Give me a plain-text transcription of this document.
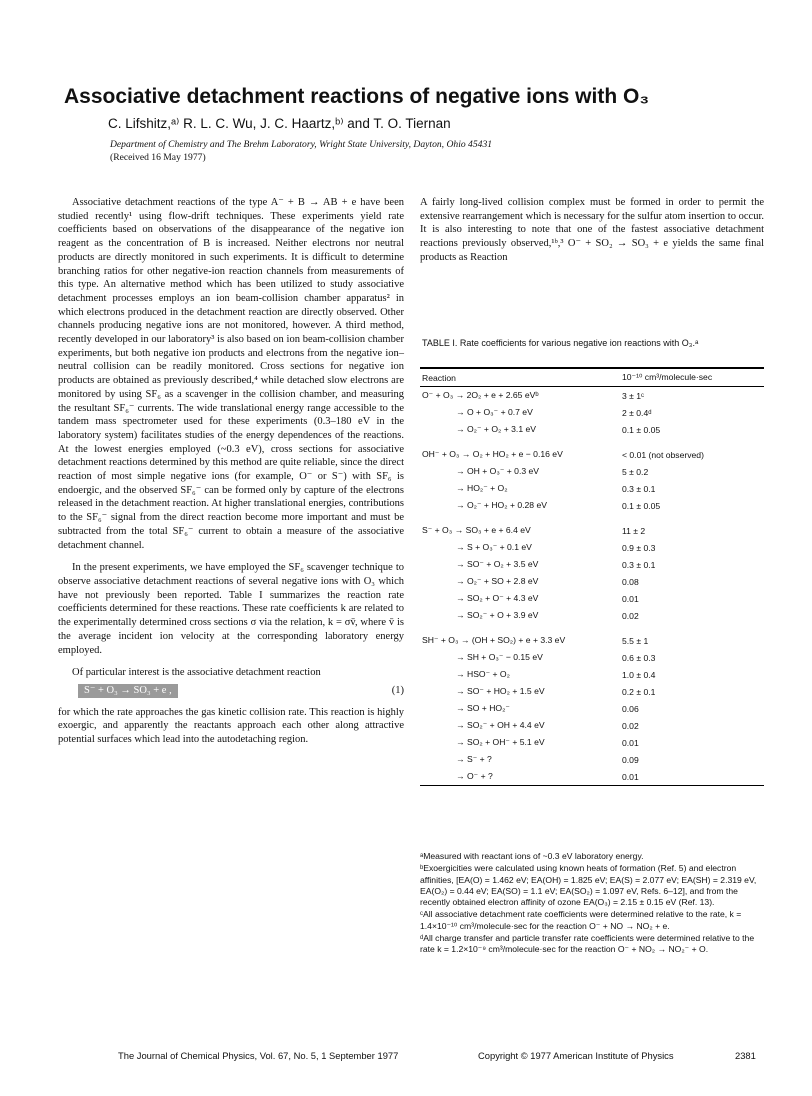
Associative detachment reactions of negative ions with O₃
C. Lifshitz,ᵃ⁾ R. L. C. Wu, J. C. Haartz,ᵇ⁾ and T. O. Tiernan
Department of Chemistry and The Brehm Laboratory, Wright State University, Dayton, Ohio 45431
(Received 16 May 1977)

Associative detachment reactions of the type A⁻ + B → AB + e have been studied recently¹ using flow-drift techniques. These experiments yield rate coefficients based on observations of the disappearance of the negative ion reagent as the concentration of B is increased. Neither electrons nor neutral products are directly monitored in such experiments. It is difficult to determine branching ratios for other negative-ion reaction channels from measurements of this type. An alternative method which has been utilized to study associative detachment processes employs an ion beam-collision chamber apparatus² in which electrons produced in the detachment reaction are directly observed. Other channels producing negative ions are not monitored, however. A third method, recently developed in our laboratory³ is also based on ion beam-collision chamber experiments, but both negative ion products and electrons from the negative ion–neutral collision can be readily monitored. Cross sections for negative ion products are obtained as previously described,⁴ while detached slow electrons are monitored by using SF₆ as a scavenger in the collision chamber, and measuring the resultant SF₆⁻ currents. The wide translational energy range accessible to the tandem mass spectrometer used for these experiments (0.3–180 eV in the laboratory system) facilitates studies of the energy dependences of the reactions. At the lowest energies employed (~0.3 eV), cross sections for associative detachment reactions determined by this method are quite reliable, since the direct reaction of most simple negative ions (for example, O⁻ or S⁻) with SF₆ is endoergic, and the observed SF₆⁻ can be formed only by capture of the electrons released in the detachment reaction. At higher translational energies, contributions to the SF₆⁻ signal from the direct reaction become more important and must be subtracted from the total SF₆⁻ current to obtain a measure of the associative detachment channel.

In the present experiments, we have employed the SF₆ scavenger technique to observe associative detachment reactions of several negative ions with O₃ which have not previously been reported. Table I summarizes the reaction rate coefficients determined for these reactions. These rate coefficients k are related to the experimentally determined cross sections σ via the relation, k = σv̄, where v̄ is the average incident ion velocity at the corresponding laboratory energy employed.

Of particular interest is the associative detachment reaction

S⁻ + O₃ → SO₃ + e ,	(1)

for which the rate approaches the gas kinetic collision rate. This reaction is highly exoergic, and apparently the reactants approach each other along attractive potential surfaces which lead into the autodetaching region.

A fairly long-lived collision complex must be formed in order to permit the extensive rearrangement which is necessary for the sulfur atom insertion to occur. It is also interesting to note that one of the fastest associative detachment reactions previously observed,¹ᵇ,³ O⁻ + SO₂ → SO₃ + e yields the same final products as Reaction

TABLE I. Rate coefficients for various negative ion reactions with O₃.ᵃ
Reaction	10⁻¹⁰ cm³/molecule·sec
O⁻ + O₃ → 2O₂ + e + 2.65 eVᵇ	3 ± 1ᶜ
→ O + O₃⁻ + 0.7 eV	2 ± 0.4ᵈ
→ O₂⁻ + O₂ + 3.1 eV	0.1 ± 0.05

OH⁻ + O₃ → O₂ + HO₂ + e − 0.16 eV	< 0.01 (not observed)
→ OH + O₃⁻ + 0.3 eV	5 ± 0.2
→ HO₂⁻ + O₂	0.3 ± 0.1
→ O₂⁻ + HO₂ + 0.28 eV	0.1 ± 0.05

S⁻ + O₃ → SO₃ + e + 6.4 eV	11 ± 2
→ S + O₃⁻ + 0.1 eV	0.9 ± 0.3
→ SO⁻ + O₂ + 3.5 eV	0.3 ± 0.1
→ O₂⁻ + SO + 2.8 eV	0.08
→ SO₂ + O⁻ + 4.3 eV	0.01
→ SO₂⁻ + O + 3.9 eV	0.02

SH⁻ + O₃ → (OH + SO₂) + e + 3.3 eV	5.5 ± 1
→ SH + O₃⁻ − 0.15 eV	0.6 ± 0.3
→ HSO⁻ + O₂	1.0 ± 0.4
→ SO⁻ + HO₂ + 1.5 eV	0.2 ± 0.1
→ SO + HO₂⁻	0.06
→ SO₂⁻ + OH + 4.4 eV	0.02
→ SO₂ + OH⁻ + 5.1 eV	0.01
→ S⁻ + ?	0.09
→ O⁻ + ?	0.01
ᵃMeasured with reactant ions of ~0.3 eV laboratory energy.
ᵇExoergicities were calculated using known heats of formation (Ref. 5) and electron affinities, [EA(O) = 1.462 eV; EA(OH) = 1.825 eV; EA(S) = 2.077 eV; EA(SH) = 2.319 eV, EA(O₂) = 0.44 eV; EA(SO) = 1.1 eV; EA(SO₂) = 1.097 eV, Refs. 6–12], and from the recently obtained electron affinity of ozone EA(O₃) = 2.15 ± 0.15 eV (Ref. 13).
ᶜAll associative detachment rate coefficients were determined relative to the rate, k = 1.4×10⁻¹⁰ cm³/molecule·sec for the reaction O⁻ + NO → NO₂ + e.
ᵈAll charge transfer and particle transfer rate coefficients were determined relative to the rate k = 1.2×10⁻⁹ cm³/molecule·sec for the reaction O⁻ + NO₂ → NO₂⁻ + O.
The Journal of Chemical Physics, Vol. 67, No. 5, 1 September 1977	Copyright © 1977 American Institute of Physics	2381
